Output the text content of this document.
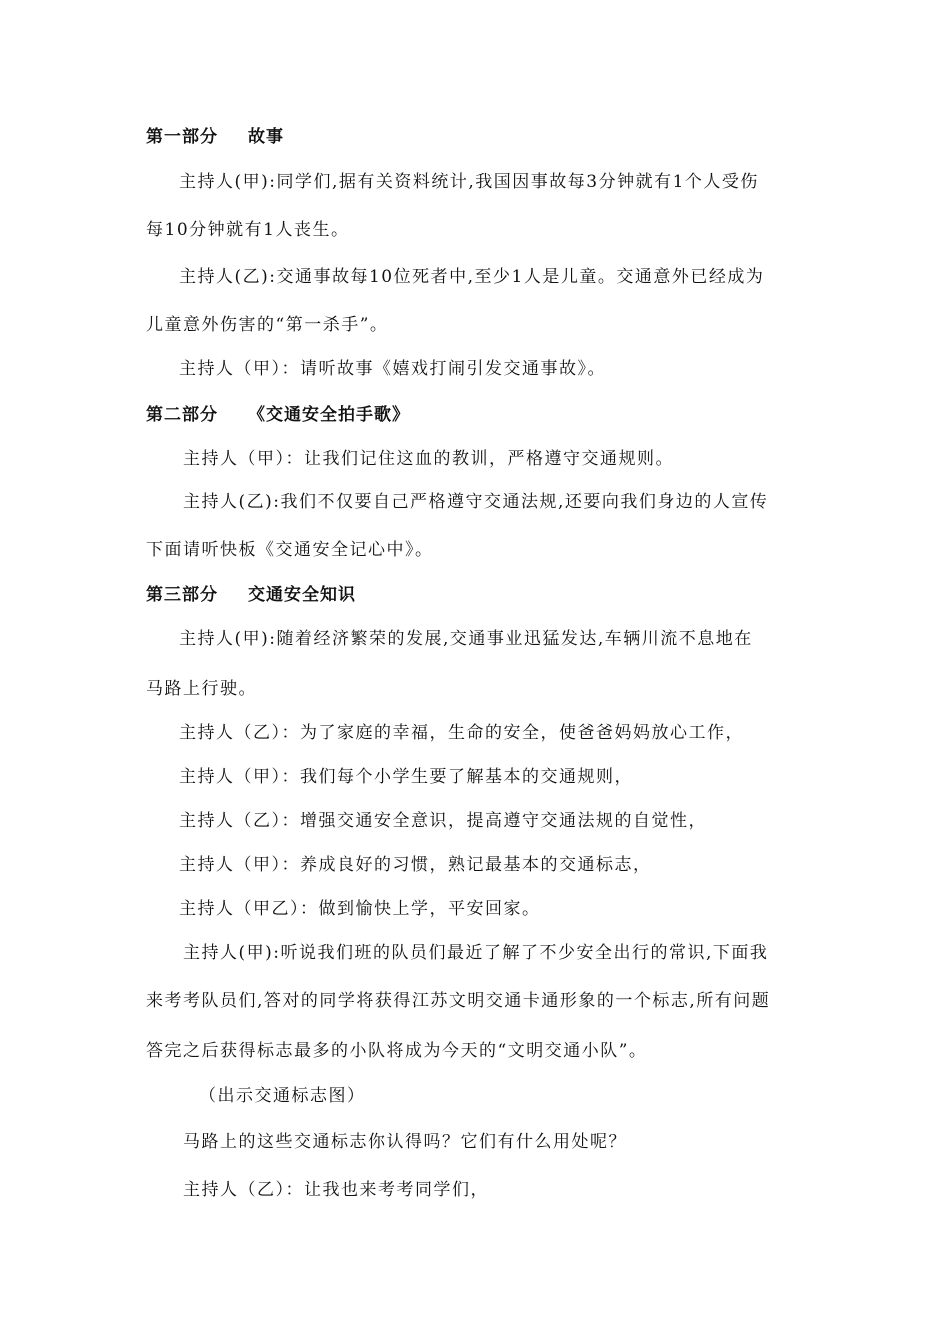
第一部分 故事
主持人(甲):同学们,据有关资料统计,我国因事故每3分钟就有1个人受伤
每10分钟就有1人丧生。
主持人(乙):交通事故每10位死者中,至少1人是儿童。交通意外已经成为
儿童意外伤害的“第一杀手”。
主持人（甲）：请听故事《嬉戏打闹引发交通事故》。
第二部分 《交通安全拍手歌》
主持人（甲）：让我们记住这血的教训，严格遵守交通规则。
主持人(乙):我们不仅要自己严格遵守交通法规,还要向我们身边的人宣传
下面请听快板《交通安全记心中》。
第三部分 交通安全知识
主持人(甲):随着经济繁荣的发展,交通事业迅猛发达,车辆川流不息地在
马路上行驶。
主持人（乙）：为了家庭的幸福，生命的安全，使爸爸妈妈放心工作，
主持人（甲）：我们每个小学生要了解基本的交通规则，
主持人（乙）：增强交通安全意识，提高遵守交通法规的自觉性，
主持人（甲）：养成良好的习惯，熟记最基本的交通标志，
主持人（甲乙）：做到愉快上学，平安回家。
主持人(甲):听说我们班的队员们最近了解了不少安全出行的常识,下面我
来考考队员们,答对的同学将获得江苏文明交通卡通形象的一个标志,所有问题
答完之后获得标志最多的小队将成为今天的“文明交通小队”。
（出示交通标志图）
马路上的这些交通标志你认得吗？它们有什么用处呢？
主持人（乙）：让我也来考考同学们，
